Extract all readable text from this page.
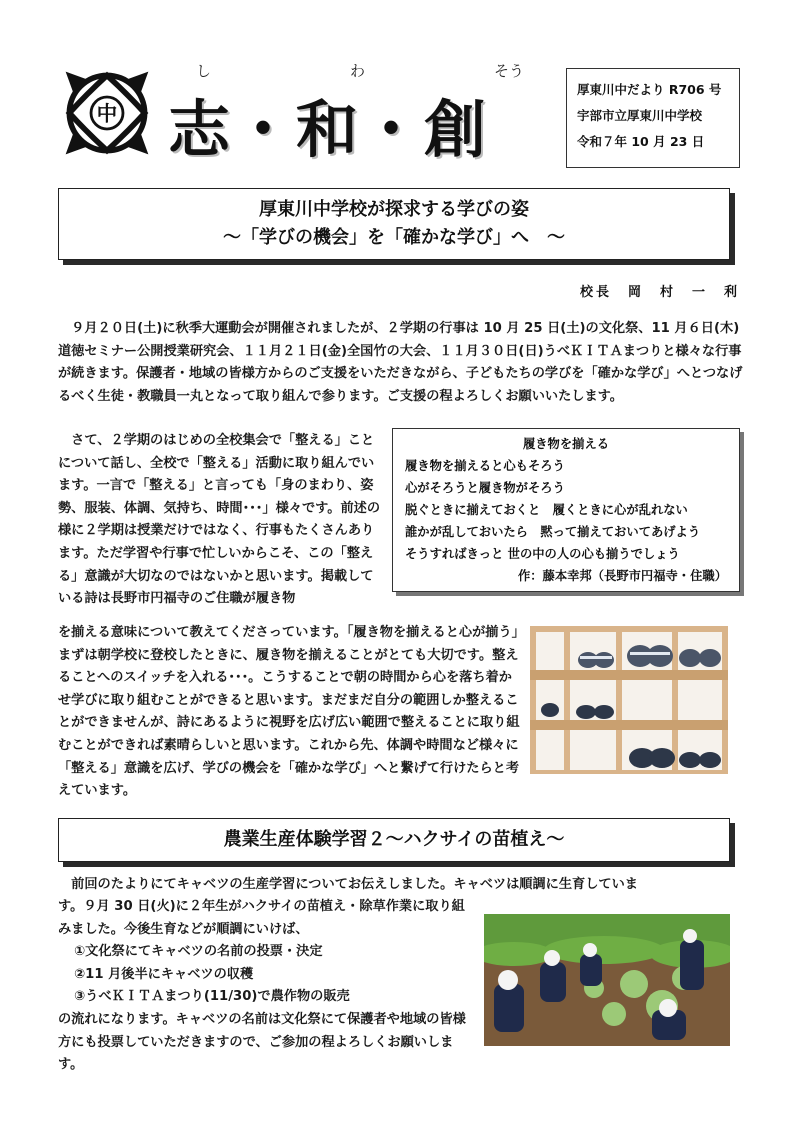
中
し	わ	そう
志・和・創
厚東川中だより R706 号
宇部市立厚東川中学校
令和７年 10 月 23 日
厚東川中学校が探求する学びの姿
～「学びの機会」を「確かな学び」へ　～
校長　岡　村　一　利

　９月２０日(土)に秋季大運動会が開催されましたが、２学期の行事は 10 月 25 日(土)の文化祭、11 月６日(木)道徳セミナー公開授業研究会、１１月２１日(金)全国竹の大会、１１月３０日(日)うべＫＩＴＡまつりと様々な行事が続きます。保護者・地域の皆様方からのご支援をいただきながら、子どもたちの学びを「確かな学び」へとつなげるべく生徒・教職員一丸となって取り組んで参ります。ご支援の程よろしくお願いいたします。

　さて、２学期のはじめの全校集会で「整える」ことについて話し、全校で「整える」活動に取り組んでいます。一言で「整える」と言っても「身のまわり、姿勢、服装、体調、気持ち、時間･･･」様々です。前述の様に２学期は授業だけではなく、行事もたくさんあります。ただ学習や行事で忙しいからこそ、この「整える」意識が大切なのではないかと思います。掲載している詩は長野市円福寺のご住職が履き物

履き物を揃える
履き物を揃えると心もそろう
心がそろうと履き物がそろう
脱ぐときに揃えておくと　履くときに心が乱れない
誰かが乱しておいたら　黙って揃えておいてあげよう
そうすればきっと 世の中の人の心も揃うでしょう
作：藤本幸邦（長野市円福寺・住職）

を揃える意味について教えてくださっています。「履き物を揃えると心が揃う」まずは朝学校に登校したときに、履き物を揃えることがとても大切です。整えることへのスイッチを入れる･･･。こうすることで朝の時間から心を落ち着かせ学びに取り組むことができると思います。まだまだ自分の範囲しか整えることができませんが、詩にあるように視野を広げ広い範囲で整えることに取り組むことができれば素晴らしいと思います。これから先、体調や時間など様々に「整える」意識を広げ、学びの機会を「確かな学び」へと繋げて行けたらと考えています。

農業生産体験学習２～ハクサイの苗植え～

　前回のたよりにてキャベツの生産学習についてお伝えしました。キャベツは順調に生育していま

す。９月 30 日(火)に２年生がハクサイの苗植え・除草作業に取り組みました。今後生育などが順調にいけば、

①文化祭にてキャベツの名前の投票・決定

②11 月後半にキャベツの収穫

③うべＫＩＴＡまつり(11/30)で農作物の販売

の流れになります。キャベツの名前は文化祭にて保護者や地域の皆様方にも投票していただきますので、ご参加の程よろしくお願いします。
